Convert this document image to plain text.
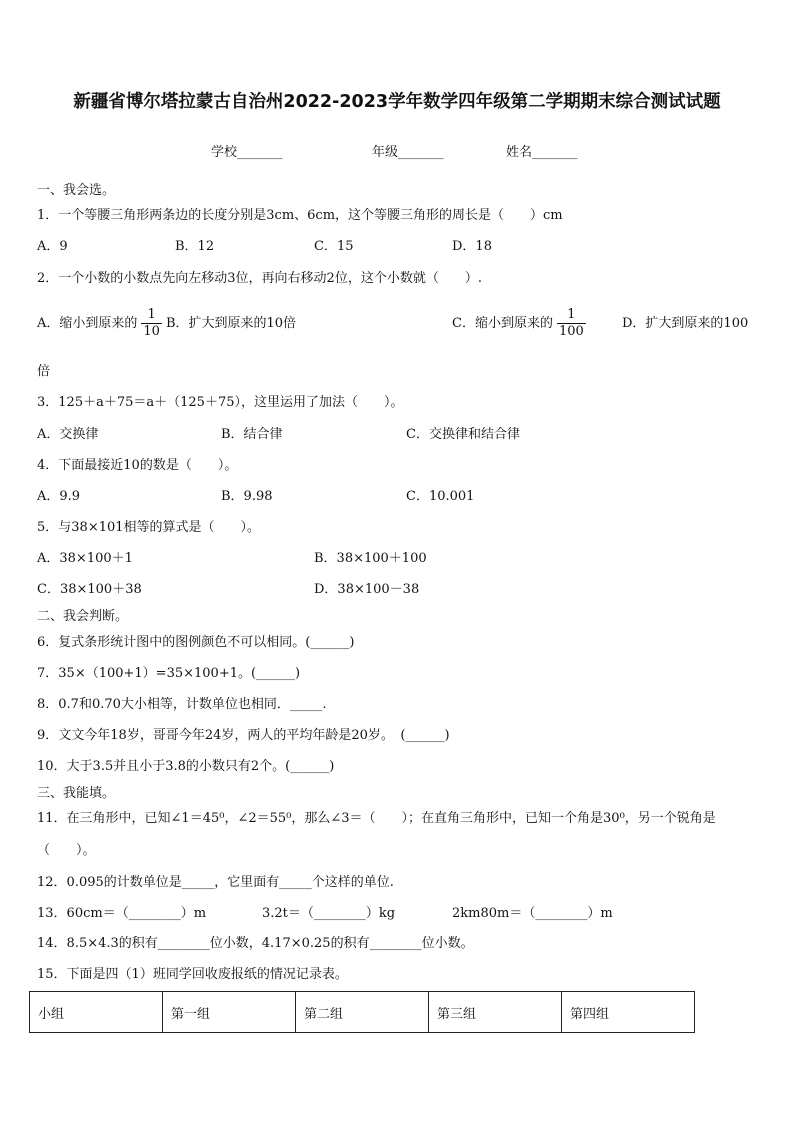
新疆省博尔塔拉蒙古自治州2022-2023学年数学四年级第二学期期末综合测试试题
学校_______	年级_______	姓名_______
一、我会选。
1．一个等腰三角形两条边的长度分别是3cm、6cm，这个等腰三角形的周长是（　　）cm
A．9	B．12	C．15	D．18
2．一个小数的小数点先向左移动3位，再向右移动2位，这个小数就（　　）.
A．缩小到原来的 $\frac{1}{10}$ B．扩大到原来的10倍	C．缩小到原来的 $\frac{1}{100}$	D．扩大到原来的100
倍
3．125＋a＋75＝a＋（125＋75），这里运用了加法（　　）。
A．交换律	B．结合律	C．交换律和结合律
4．下面最接近10的数是（　　）。
A．9.9	B．9.98	C．10.001
5．与38×101相等的算式是（　　）。
A．38×100＋1	B．38×100＋100
C．38×100＋38	D．38×100－38
二、我会判断。
6．复式条形统计图中的图例颜色不可以相同。(______)
7．35×（100+1）=35×100+1。(______)
8．0.7和0.70大小相等，计数单位也相同．_____.
9．文文今年18岁，哥哥今年24岁，两人的平均年龄是20岁。　(______)
10．大于3.5并且小于3.8的小数只有2个。(______)
三、我能填。
11．在三角形中，已知∠1＝45⁰，∠2＝55⁰，那么∠3＝（　　）；在直角三角形中，已知一个角是30⁰，另一个锐角是
（　　）。
12．0.095的计数单位是_____，它里面有_____个这样的单位.
13．60cm＝（________）m	3.2t＝（________）kg	2km80m＝（________）m
14．8.5×4.3的积有________位小数，4.17×0.25的积有________位小数。
15．下面是四（1）班同学回收废报纸的情况记录表。
小组	第一组	第二组	第三组	第四组
